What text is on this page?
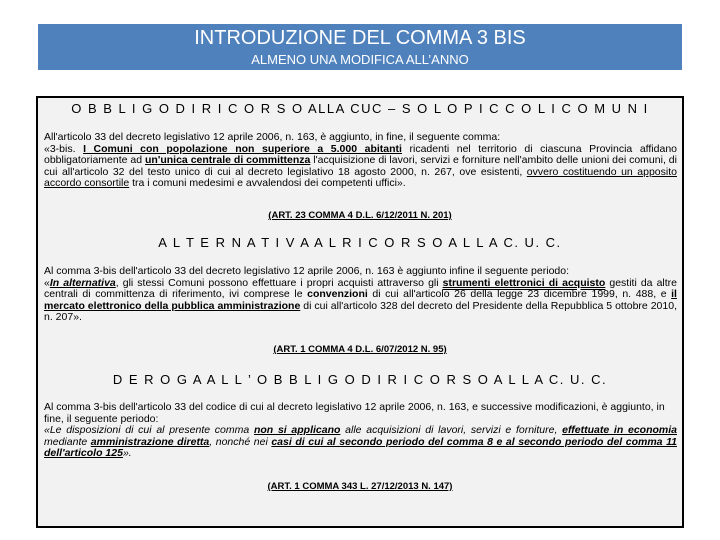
INTRODUZIONE DEL COMMA 3 BIS
ALMENO UNA MODIFICA ALL’ANNO
O B B L I G O D I R I C O R S O ALLA CUC – S O L O P I C C O L I C O M U N I
All'articolo 33 del decreto legislativo 12 aprile 2006, n. 163, è aggiunto, in fine, il seguente comma:
«3-bis. I Comuni con popolazione non superiore a 5.000 abitanti ricadenti nel territorio di ciascuna Provincia affidano obbligatoriamente ad un'unica centrale di committenza l'acquisizione di lavori, servizi e forniture nell'ambito delle unioni dei comuni, di cui all'articolo 32 del testo unico di cui al decreto legislativo 18 agosto 2000, n. 267, ove esistenti, ovvero costituendo un apposito accordo consortile tra i comuni medesimi e avvalendosi dei competenti uffici».
(ART. 23 COMMA 4 D.L. 6/12/2011 N. 201)
A L T E R N A T I V A A L R I C O R S O A L L A C. U. C.
Al comma 3-bis dell'articolo 33 del decreto legislativo 12 aprile 2006, n. 163 è aggiunto infine il seguente periodo:
«In alternativa, gli stessi Comuni possono effettuare i propri acquisti attraverso gli strumenti elettronici di acquisto gestiti da altre centrali di committenza di riferimento, ivi comprese le convenzioni di cui all'articolo 26 della legge 23 dicembre 1999, n. 488, e il mercato elettronico della pubblica amministrazione di cui all'articolo 328 del decreto del Presidente della Repubblica 5 ottobre 2010, n. 207».
(ART. 1 COMMA 4 D.L. 6/07/2012 N. 95)
D E R O G A A L L ’ O B B L I G O D I R I C O R S O A L L A C. U. C.
Al comma 3-bis dell'articolo 33 del codice di cui al decreto legislativo 12 aprile 2006, n. 163, e successive modificazioni, è aggiunto, in fine, il seguente periodo:
«Le disposizioni di cui al presente comma non si applicano alle acquisizioni di lavori, servizi e forniture, effettuate in economia mediante amministrazione diretta, nonché nei casi di cui al secondo periodo del comma 8 e al secondo periodo del comma 11 dell'articolo 125».
(ART. 1 COMMA 343 L. 27/12/2013 N. 147)
